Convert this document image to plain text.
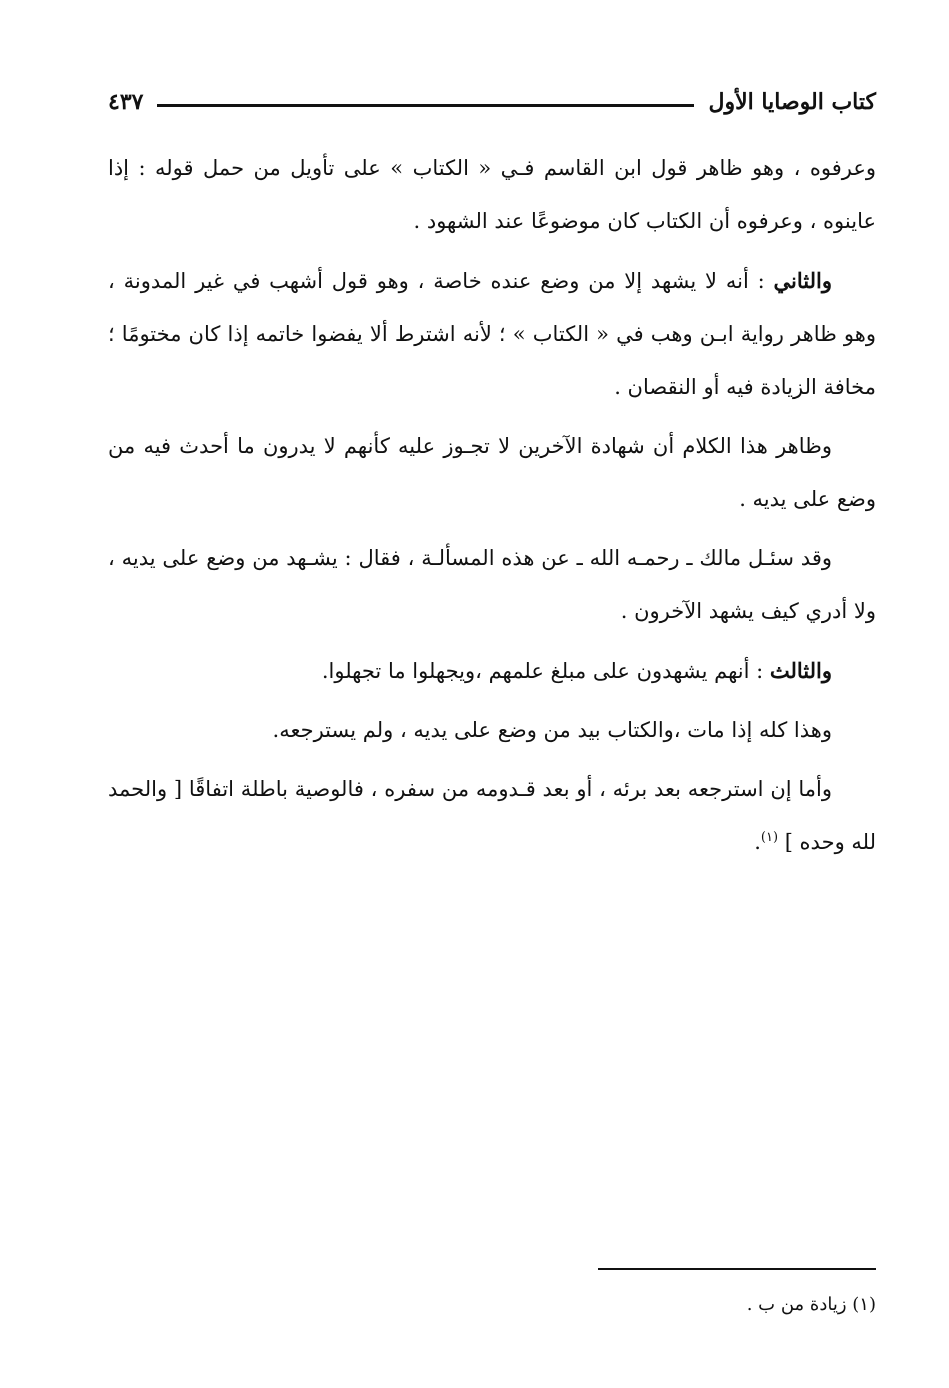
كتاب الوصايا الأول
٤٣٧

وعرفوه ، وهو ظاهر قول ابن القاسم فـي « الكتاب » على تأويل من حمل قوله : إذا عاينوه ، وعرفوه أن الكتاب كان موضوعًا عند الشهود .

والثاني : أنه لا يشهد إلا من وضع عنده خاصة ، وهو قول أشهب في غير المدونة ، وهو ظاهر رواية ابـن وهب في « الكتاب » ؛ لأنه اشترط ألا يفضوا خاتمه إذا كان مختومًا ؛ مخافة الزيادة فيه أو النقصان .

وظاهر هذا الكلام أن شهادة الآخرين لا تجـوز عليه كأنهم لا يدرون ما أحدث فيه من وضع على يديه .

وقد سئـل مالك ـ رحمـه الله ـ عن هذه المسألـة ، فقال : يشـهد من وضع على يديه ، ولا أدري كيف يشهد الآخرون .

والثالث : أنهم يشهدون على مبلغ علمهم ،ويجهلوا ما تجهلوا.

وهذا كله إذا مات ،والكتاب بيد من وضع على يديه ، ولم يسترجعه.

وأما إن استرجعه بعد برئه ، أو بعد قـدومه من سفره ، فالوصية باطلة اتفاقًا [ والحمد لله وحده ] $^{(١)}$.

(١) زيادة من ب .
